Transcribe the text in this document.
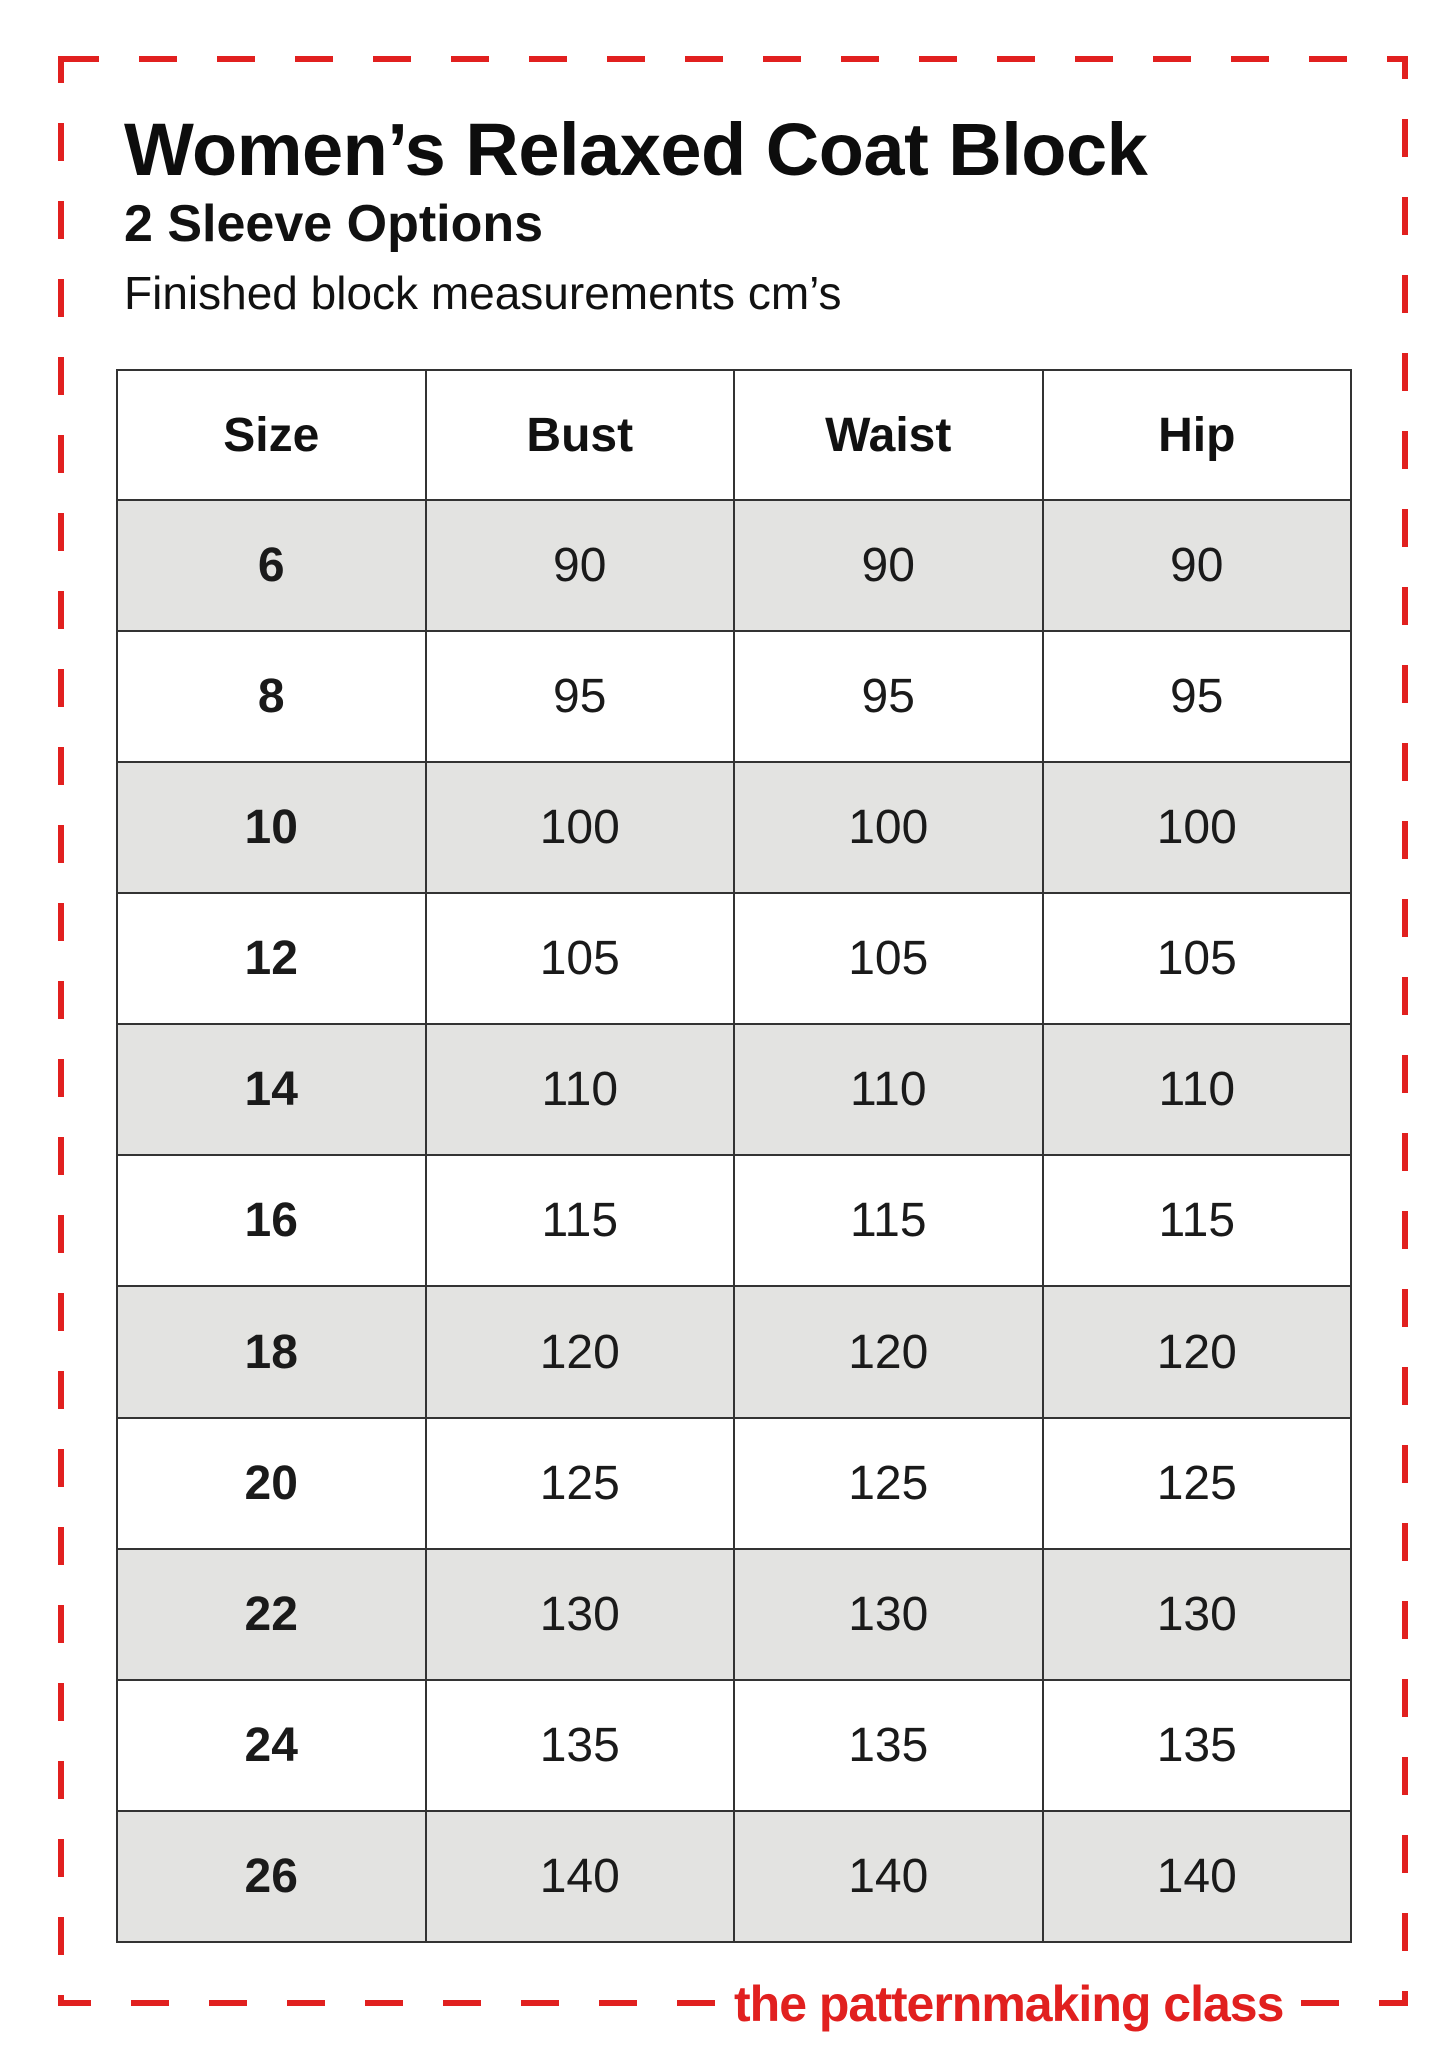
Women’s Relaxed Coat Block
2 Sleeve Options

Finished block measurements cm’s

Size	Bust	Waist	Hip
6	90	90	90
8	95	95	95
10	100	100	100
12	105	105	105
14	110	110	110
16	115	115	115
18	120	120	120
20	125	125	125
22	130	130	130
24	135	135	135
26	140	140	140
the patternmaking class
